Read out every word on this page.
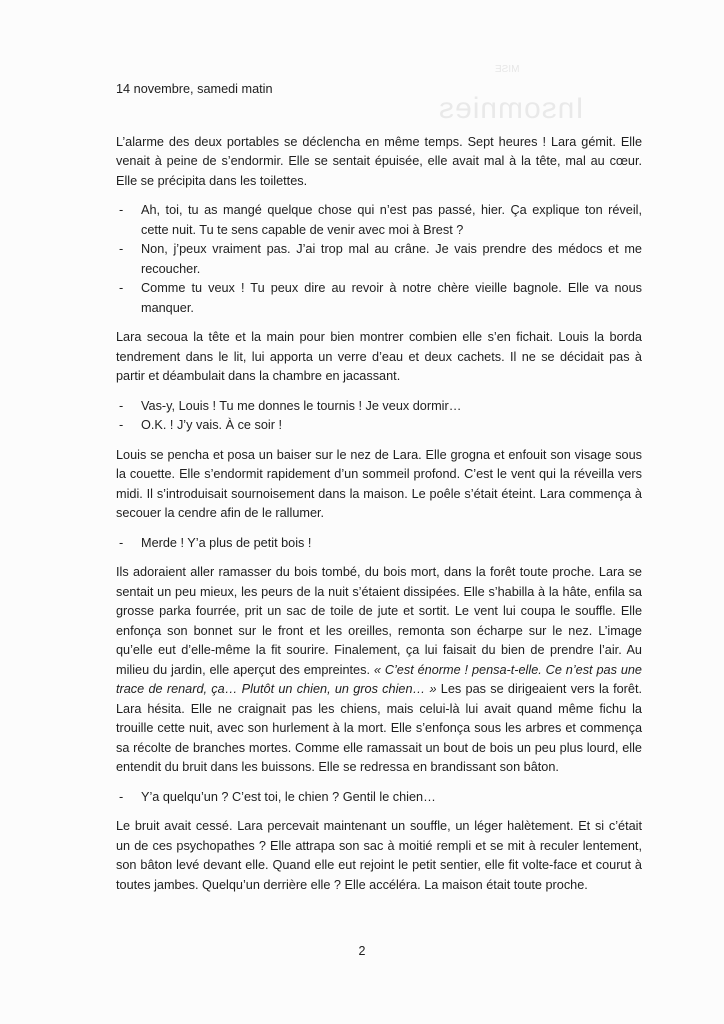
MISE
Insomnies
14 novembre, samedi matin

L’alarme des deux portables se déclencha en même temps. Sept heures ! Lara gémit. Elle venait à peine de s’endormir. Elle se sentait épuisée, elle avait mal à la tête, mal au cœur. Elle se précipita dans les toilettes.

- Ah, toi, tu as mangé quelque chose qui n’est pas passé, hier. Ça explique ton réveil, cette nuit. Tu te sens capable de venir avec moi à Brest ?
- Non, j’peux vraiment pas. J’ai trop mal au crâne. Je vais prendre des médocs et me recoucher.
- Comme tu veux ! Tu peux dire au revoir à notre chère vieille bagnole. Elle va nous manquer.

Lara secoua la tête et la main pour bien montrer combien elle s’en fichait. Louis la borda tendrement dans le lit, lui apporta un verre d’eau et deux cachets. Il ne se décidait pas à partir et déambulait dans la chambre en jacassant.

- Vas-y, Louis ! Tu me donnes le tournis ! Je veux dormir…
- O.K. ! J’y vais. À ce soir !

Louis se pencha et posa un baiser sur le nez de Lara. Elle grogna et enfouit son visage sous la couette. Elle s’endormit rapidement d’un sommeil profond. C’est le vent qui la réveilla vers midi. Il s’introduisait sournoisement dans la maison. Le poêle s’était éteint. Lara commença à secouer la cendre afin de le rallumer.

- Merde ! Y’a plus de petit bois !

Ils adoraient aller ramasser du bois tombé, du bois mort, dans la forêt toute proche. Lara se sentait un peu mieux, les peurs de la nuit s’étaient dissipées. Elle s’habilla à la hâte, enfila sa grosse parka fourrée, prit un sac de toile de jute et sortit. Le vent lui coupa le souffle. Elle enfonça son bonnet sur le front et les oreilles, remonta son écharpe sur le nez. L’image qu’elle eut d’elle-même la fit sourire. Finalement, ça lui faisait du bien de prendre l’air. Au milieu du jardin, elle aperçut des empreintes. « C’est énorme ! pensa-t-elle. Ce n’est pas une trace de renard, ça… Plutôt un chien, un gros chien… » Les pas se dirigeaient vers la forêt. Lara hésita. Elle ne craignait pas les chiens, mais celui-là lui avait quand même fichu la trouille cette nuit, avec son hurlement à la mort. Elle s’enfonça sous les arbres et commença sa récolte de branches mortes. Comme elle ramassait un bout de bois un peu plus lourd, elle entendit du bruit dans les buissons. Elle se redressa en brandissant son bâton.

- Y’a quelqu’un ? C’est toi, le chien ? Gentil le chien…

Le bruit avait cessé. Lara percevait maintenant un souffle, un léger halètement. Et si c’était un de ces psychopathes ? Elle attrapa son sac à moitié rempli et se mit à reculer lentement, son bâton levé devant elle. Quand elle eut rejoint le petit sentier, elle fit volte-face et courut à toutes jambes. Quelqu’un derrière elle ? Elle accéléra. La maison était toute proche.

2
